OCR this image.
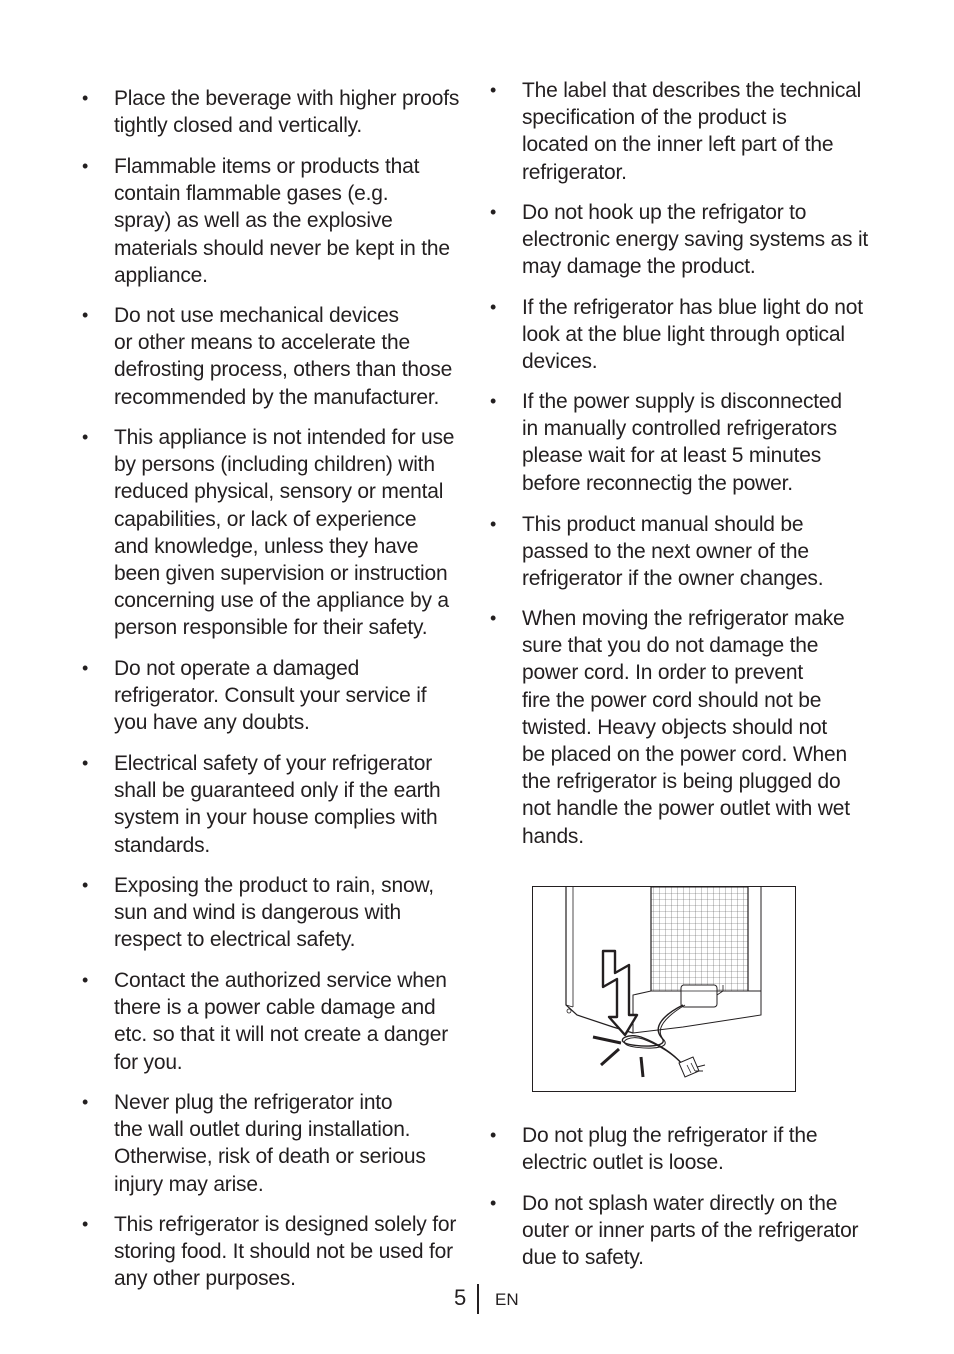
•	Place the beverage with higher proofs
tightly closed and vertically.
•	Flammable items or products that
contain flammable gases (e.g.
spray) as well as the explosive
materials should never be kept in the
appliance.
•	Do not use mechanical devices
or other means to accelerate the
defrosting process, others than those
recommended by the manufacturer.
•	This appliance is not intended for use
by persons (including children) with
reduced physical, sensory or mental
capabilities, or lack of experience
and knowledge, unless they have
been given supervision or instruction
concerning use of the appliance by a
person responsible for their safety.
•	Do not operate a damaged
refrigerator. Consult your service if
you have any doubts.
•	Electrical safety of your refrigerator
shall be guaranteed only if the earth
system in your house complies with
standards.
•	Exposing the product to rain, snow,
sun and wind is dangerous with
respect to electrical safety.
•	Contact the authorized service when
there is a power cable damage and
etc. so that it will not create a danger
for you.
•	Never plug the refrigerator into
the wall outlet during installation.
Otherwise, risk of death or serious
injury may arise.
•	This refrigerator is designed solely for
storing food. It should not be used for
any other purposes.
•	The label that describes the technical
specification of the product is
located on the inner left part of the
refrigerator.
•	Do not hook up the refrigator to
electronic energy saving systems as it
may damage the product.
•	If the refrigerator has blue light do not
look at the blue light through optical
devices.
•	If the power supply is disconnected
in manually controlled refrigerators
please wait for at least 5 minutes
before reconnectig the power.
•	This product manual should be
passed to the next owner of the
refrigerator if the owner changes.
•	When moving the refrigerator make
sure that you do not damage the
power cord. In order to prevent
fire the power cord should not be
twisted. Heavy objects should not
be placed on the power cord. When
the refrigerator is being plugged do
not handle the power outlet with wet
hands.
•	Do not plug the refrigerator if the
electric outlet is loose.
•	Do not splash water directly on the
outer or inner parts of the refrigerator
due to safety.
5 EN
